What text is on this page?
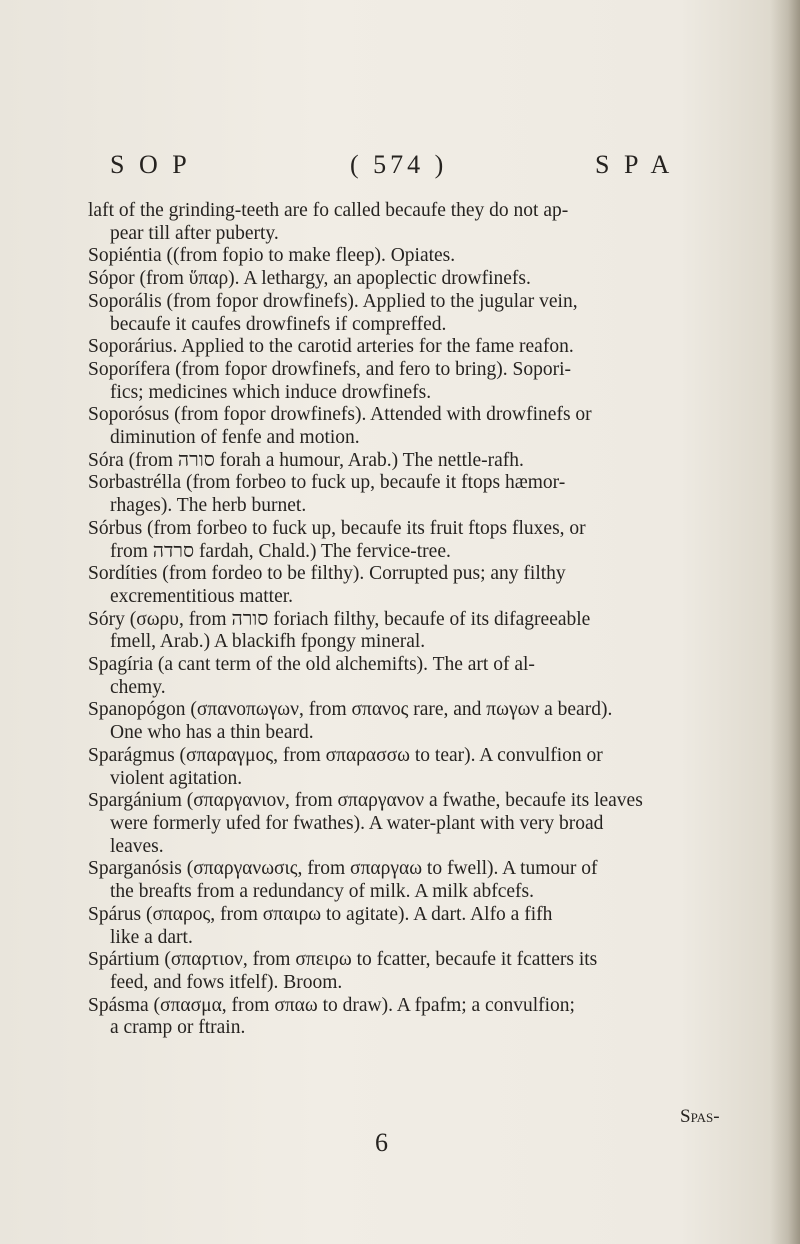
S O P	( 574 )	S P A
laft of the grinding-teeth are fo called becaufe they do not ap-
pear till after puberty.
Sopiéntia ((from fopio to make fleep). Opiates.
Sópor (from ὕπαρ). A lethargy, an apoplectic drowfinefs.
Soporális (from fopor drowfinefs). Applied to the jugular vein,
becaufe it caufes drowfinefs if compreffed.
Soporárius. Applied to the carotid arteries for the fame reafon.
Soporífera (from fopor drowfinefs, and fero to bring). Sopori-
fics; medicines which induce drowfinefs.
Soporósus (from fopor drowfinefs). Attended with drowfinefs or
diminution of fenfe and motion.
Sóra (from סורה forah a humour, Arab.) The nettle-rafh.
Sorbastrélla (from forbeo to fuck up, becaufe it ftops hæmor-
rhages). The herb burnet.
Sórbus (from forbeo to fuck up, becaufe its fruit ftops fluxes, or
from סרדה fardah, Chald.) The fervice-tree.
Sordíties (from fordeo to be filthy). Corrupted pus; any filthy
excrementitious matter.
Sóry (σωρυ, from סורה foriach filthy, becaufe of its difagreeable
fmell, Arab.) A blackifh fpongy mineral.
Spagíria (a cant term of the old alchemifts). The art of al-
chemy.
Spanopógon (σπανοπωγων, from σπανος rare, and πωγων a beard).
One who has a thin beard.
Sparágmus (σπαραγμος, from σπαρασσω to tear). A convulfion or
violent agitation.
Spargánium (σπαργανιον, from σπαργανον a fwathe, becaufe its leaves
were formerly ufed for fwathes). A water-plant with very broad
leaves.
Sparganósis (σπαργανωσις, from σπαργαω to fwell). A tumour of
the breafts from a redundancy of milk. A milk abfcefs.
Spárus (σπαρος, from σπαιρω to agitate). A dart. Alfo a fifh
like a dart.
Spártium (σπαρτιον, from σπειρω to fcatter, becaufe it fcatters its
feed, and fows itfelf). Broom.
Spásma (σπασμα, from σπαω to draw). A fpafm; a convulfion;
a cramp or ftrain.
Spas-
6
